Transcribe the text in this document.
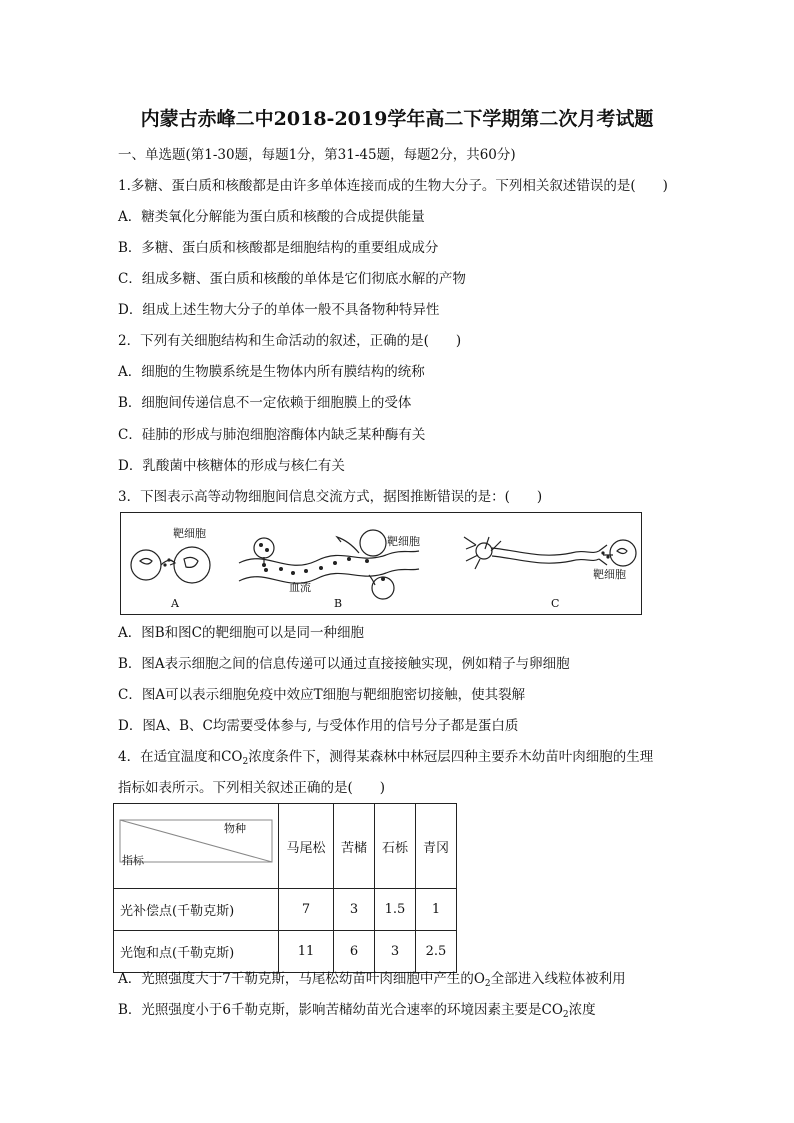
内蒙古赤峰二中2018-2019学年高二下学期第二次月考试题
一、单选题(第1-30题，每题1分，第31-45题，每题2分，共60分)
1.多糖、蛋白质和核酸都是由许多单体连接而成的生物大分子。下列相关叙述错误的是(　　)
A．糖类氧化分解能为蛋白质和核酸的合成提供能量
B．多糖、蛋白质和核酸都是细胞结构的重要组成成分
C．组成多糖、蛋白质和核酸的单体是它们彻底水解的产物
D．组成上述生物大分子的单体一般不具备物种特异性
2．下列有关细胞结构和生命活动的叙述，正确的是(　　)
A．细胞的生物膜系统是生物体内所有膜结构的统称
B．细胞间传递信息不一定依赖于细胞膜上的受体
C．硅肺的形成与肺泡细胞溶酶体内缺乏某种酶有关
D．乳酸菌中核糖体的形成与核仁有关
3．下图表示高等动物细胞间信息交流方式，据图推断错误的是：(　　)
靶细胞
靶细胞
血流
靶细胞
A	B	C
A．图B和图C的靶细胞可以是同一种细胞
B．图A表示细胞之间的信息传递可以通过直接接触实现，例如精子与卵细胞
C．图A可以表示细胞免疫中效应T细胞与靶细胞密切接触，使其裂解
D．图A、B、C均需要受体参与, 与受体作用的信号分子都是蛋白质
4．在适宜温度和$CO_2$浓度条件下，测得某森林中林冠层四种主要乔木幼苗叶肉细胞的生理
指标如表所示。下列相关叙述正确的是(　　)
物种
指标	马尾松	苦槠	石栎	青冈
光补偿点(千勒克斯)	7	3	1.5	1
光饱和点(千勒克斯)	11	6	3	2.5
A．光照强度大于7千勒克斯，马尾松幼苗叶肉细胞中产生的$O_2$全部进入线粒体被利用
B．光照强度小于6千勒克斯，影响苦槠幼苗光合速率的环境因素主要是$CO_2$浓度
